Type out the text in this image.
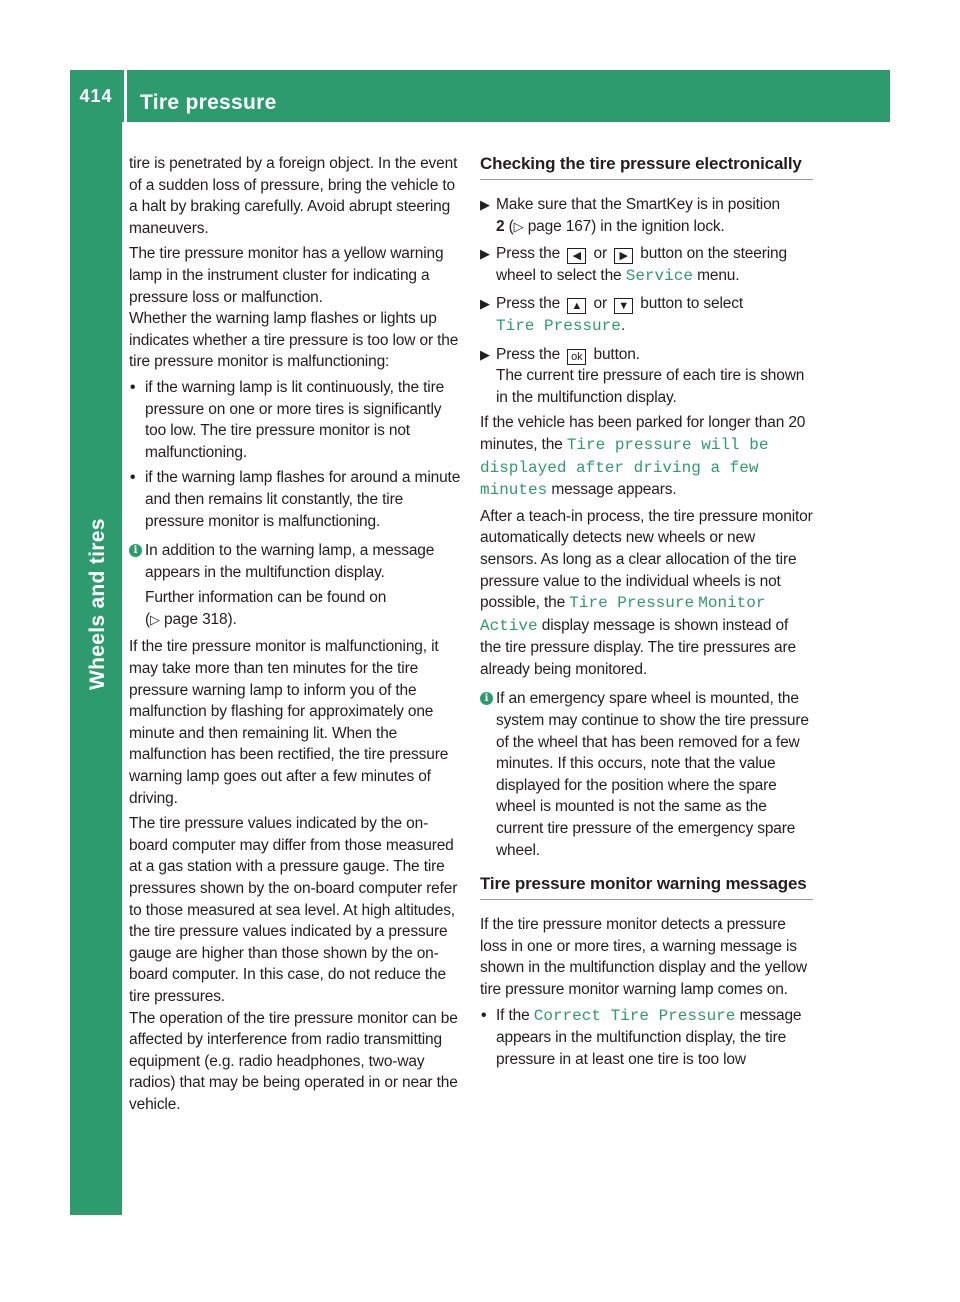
414	Tire pressure
Wheels and tires

tire is penetrated by a foreign object. In the event of a sudden loss of pressure, bring the vehicle to a halt by braking carefully. Avoid abrupt steering maneuvers.

The tire pressure monitor has a yellow warning lamp in the instrument cluster for indicating a pressure loss or malfunction.

Whether the warning lamp flashes or lights up indicates whether a tire pressure is too low or the tire pressure monitor is malfunctioning:

• if the warning lamp is lit continuously, the tire pressure on one or more tires is significantly too low. The tire pressure monitor is not malfunctioning.

• if the warning lamp flashes for around a minute and then remains lit constantly, the tire pressure monitor is malfunctioning.

i In addition to the warning lamp, a message appears in the multifunction display.

Further information can be found on
(▷ page 318).

If the tire pressure monitor is malfunctioning, it may take more than ten minutes for the tire pressure warning lamp to inform you of the malfunction by flashing for approximately one minute and then remaining lit. When the malfunction has been rectified, the tire pressure warning lamp goes out after a few minutes of driving.

The tire pressure values indicated by the on-board computer may differ from those measured at a gas station with a pressure gauge. The tire pressures shown by the on-board computer refer to those measured at sea level. At high altitudes, the tire pressure values indicated by a pressure gauge are higher than those shown by the on-board computer. In this case, do not reduce the tire pressures.

The operation of the tire pressure monitor can be affected by interference from radio transmitting equipment (e.g. radio headphones, two-way radios) that may be being operated in or near the vehicle.

Checking the tire pressure electronically

▶ Make sure that the SmartKey is in position
2 (▷ page 167) in the ignition lock.

▶ Press the ◀ or ▶ button on the steering wheel to select the Service menu.

▶ Press the ▲ or ▼ button to select
Tire Pressure.

▶ Press the ok button.
The current tire pressure of each tire is shown in the multifunction display.

If the vehicle has been parked for longer than 20 minutes, the Tire pressure will be displayed after driving a few minutes message appears.

After a teach-in process, the tire pressure monitor automatically detects new wheels or new sensors. As long as a clear allocation of the tire pressure value to the individual wheels is not possible, the Tire Pressure Monitor Active display message is shown instead of the tire pressure display. The tire pressures are already being monitored.

i If an emergency spare wheel is mounted, the system may continue to show the tire pressure of the wheel that has been removed for a few minutes. If this occurs, note that the value displayed for the position where the spare wheel is mounted is not the same as the current tire pressure of the emergency spare wheel.

Tire pressure monitor warning messages

If the tire pressure monitor detects a pressure loss in one or more tires, a warning message is shown in the multifunction display and the yellow tire pressure monitor warning lamp comes on.

• If the Correct Tire Pressure message appears in the multifunction display, the tire pressure in at least one tire is too low
